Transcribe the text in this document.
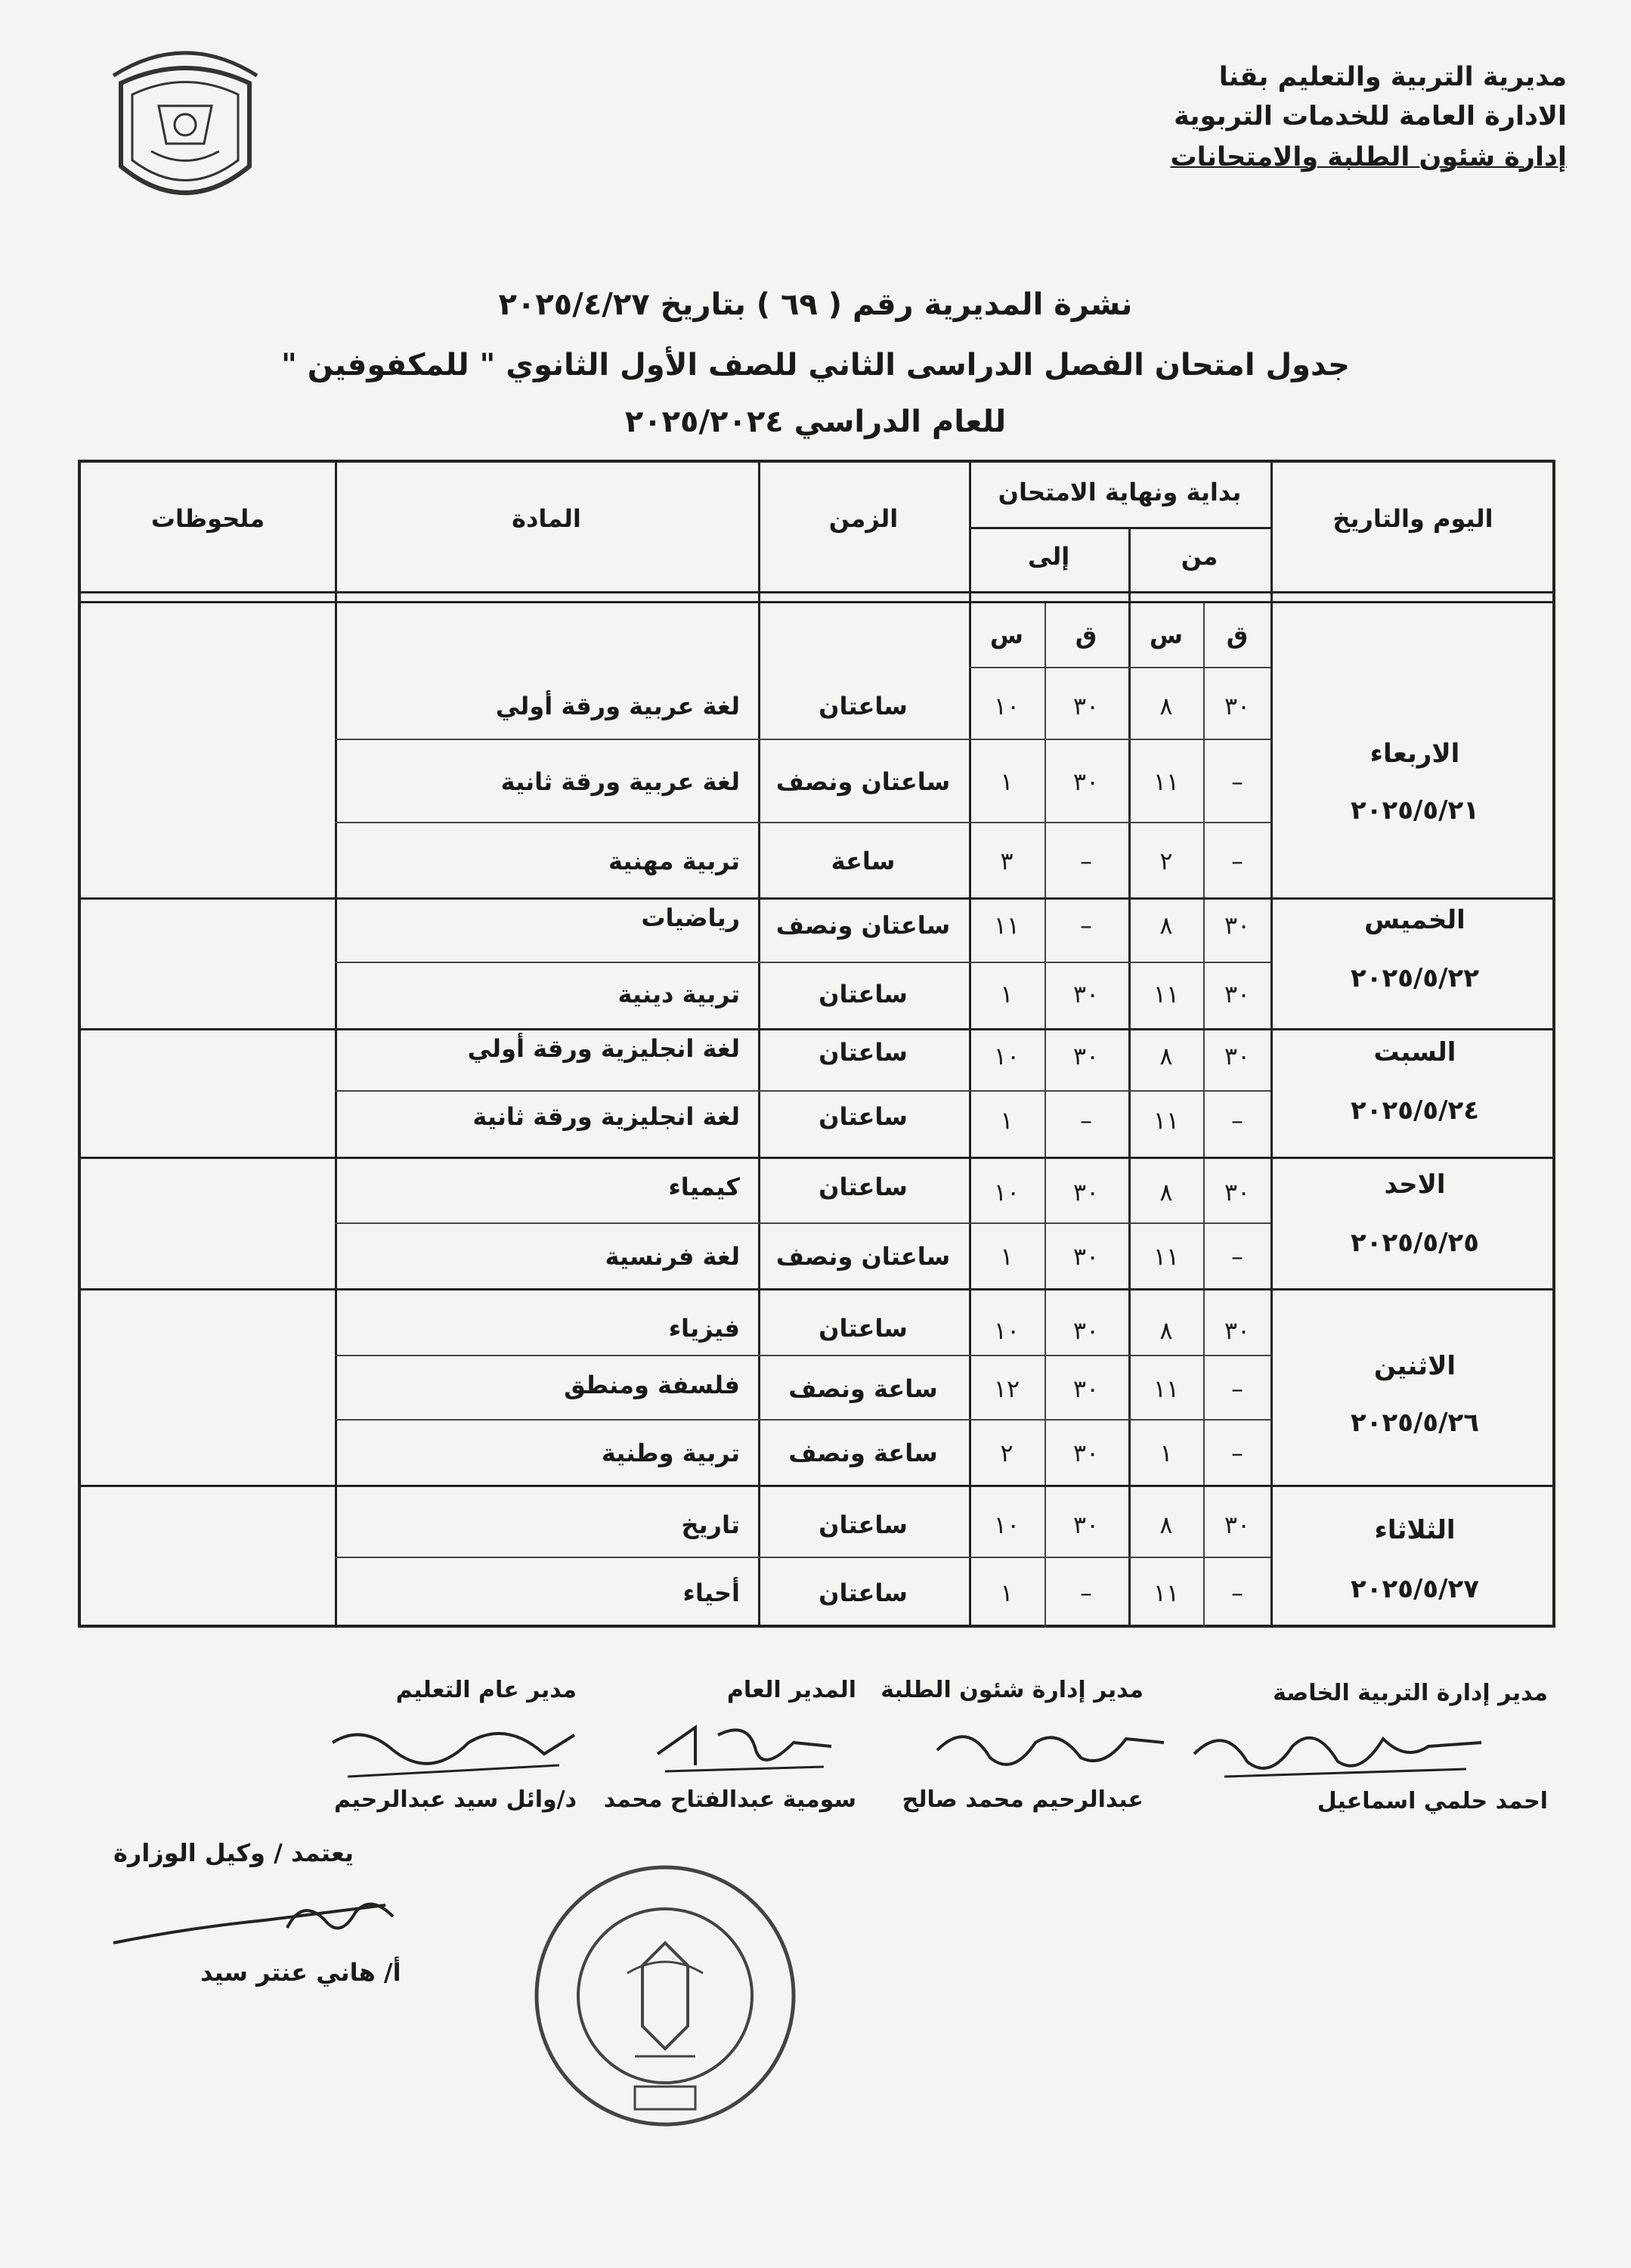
مديرية التربية والتعليم بقنا
الادارة العامة للخدمات التربوية
إدارة شئون الطلبة والامتحانات
نشرة المديرية رقم ( ٦٩ ) بتاريخ ٢٠٢٥/٤/٢٧
جدول امتحان الفصل الدراسى الثاني للصف الأول الثانوي " للمكفوفين "
للعام الدراسي ٢٠٢٥/٢٠٢٤
اليوم والتاريخ
بداية ونهاية الامتحان
من
إلى
الزمن
المادة
ملحوظات
ق
س
ق
س
الاربعاء
٢٠٢٥/٥/٢١
الخميس
٢٠٢٥/٥/٢٢
السبت
٢٠٢٥/٥/٢٤
الاحد
٢٠٢٥/٥/٢٥
الاثنين
٢٠٢٥/٥/٢٦
الثلاثاء
٢٠٢٥/٥/٢٧
٣٠
٨
٣٠
١٠
ساعتان
لغة عربية ورقة أولي
–
١١
٣٠
١
ساعتان ونصف
لغة عربية ورقة ثانية
–
٢
–
٣
ساعة
تربية مهنية
٣٠
٨
–
١١
ساعتان ونصف
رياضيات
٣٠
١١
٣٠
١
ساعتان
تربية دينية
٣٠
٨
٣٠
١٠
ساعتان
لغة انجليزية ورقة أولي
–
١١
–
١
ساعتان
لغة انجليزية ورقة ثانية
٣٠
٨
٣٠
١٠
ساعتان
كيمياء
–
١١
٣٠
١
ساعتان ونصف
لغة فرنسية
٣٠
٨
٣٠
١٠
ساعتان
فيزياء
–
١١
٣٠
١٢
ساعة ونصف
فلسفة ومنطق
–
١
٣٠
٢
ساعة ونصف
تربية وطنية
٣٠
٨
٣٠
١٠
ساعتان
تاريخ
–
١١
–
١
ساعتان
أحياء
مدير إدارة التربية الخاصة
مدير إدارة شئون الطلبة
المدير العام
مدير عام التعليم
احمد حلمي اسماعيل
عبدالرحيم محمد صالح
سومية عبدالفتاح محمد
د/وائل سيد عبدالرحيم
يعتمد / وكيل الوزارة
أ/ هاني عنتر سيد
